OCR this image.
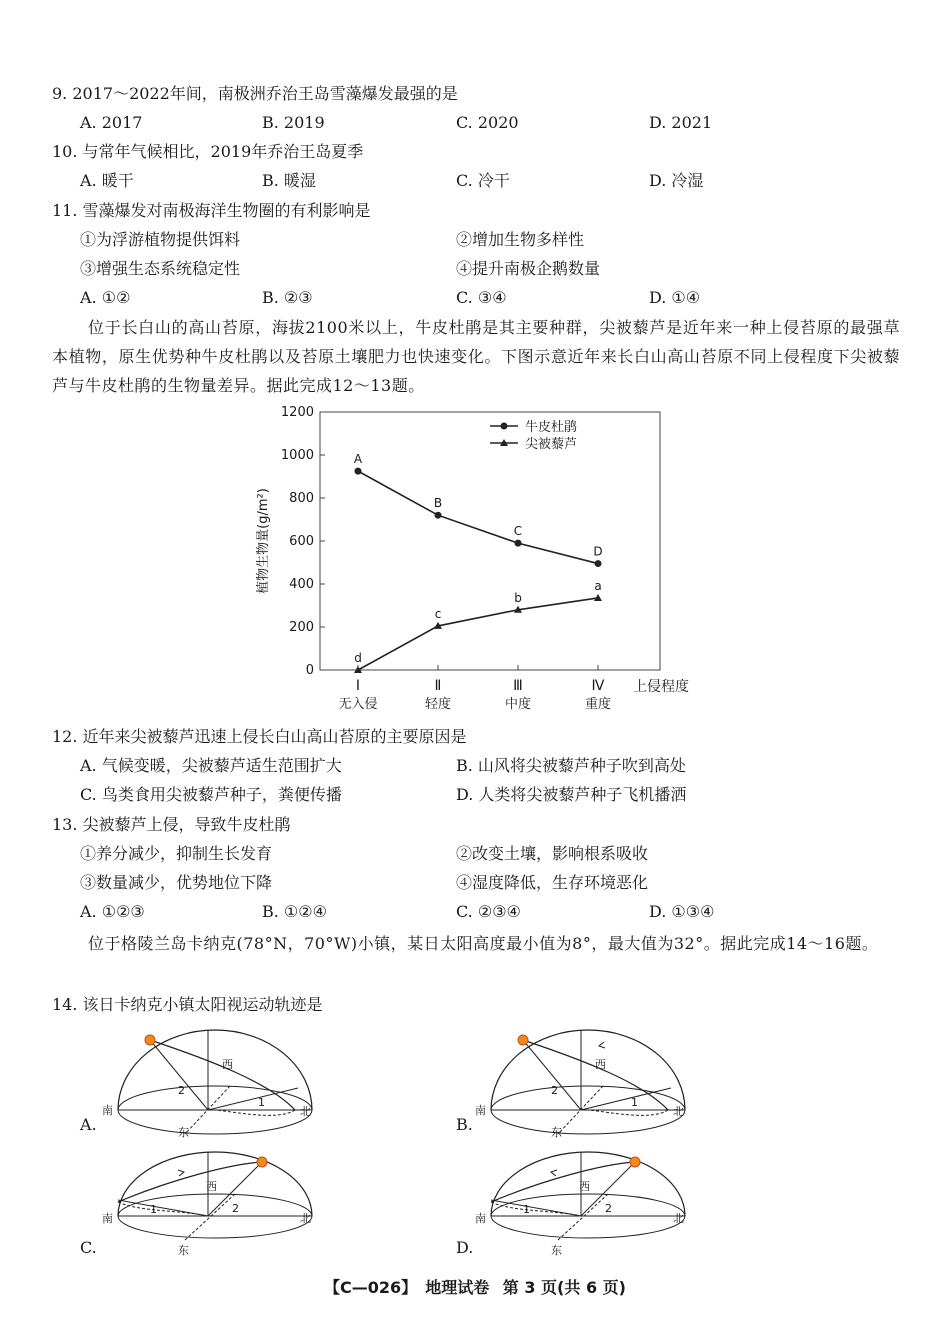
9. 2017～2022年间，南极洲乔治王岛雪藻爆发最强的是
A. 2017	B. 2019	C. 2020	D. 2021
10. 与常年气候相比，2019年乔治王岛夏季
A. 暖干	B. 暖湿	C. 冷干	D. 冷湿
11. 雪藻爆发对南极海洋生物圈的有利影响是
①为浮游植物提供饵料	②增加生物多样性
③增强生态系统稳定性	④提升南极企鹅数量
A. ①②	B. ②③	C. ③④	D. ①④
位于长白山的高山苔原，海拔2100米以上，牛皮杜鹃是其主要种群，尖被藜芦是近年来一种上侵苔原的最强草本植物，原生优势种牛皮杜鹃以及苔原土壤肥力也快速变化。下图示意近年来长白山高山苔原不同上侵程度下尖被藜芦与牛皮杜鹃的生物量差异。据此完成12～13题。
植物生物量(g/m²)
上侵程度
0
200
400
600
800
1000
1200
Ⅰ
无入侵
Ⅱ
轻度
Ⅲ
中度
Ⅳ
重度
A
B
C
D
d
c
b
a
牛皮杜鹃
尖被藜芦
12. 近年来尖被藜芦迅速上侵长白山高山苔原的主要原因是
A. 气候变暖，尖被藜芦适生范围扩大	B. 山风将尖被藜芦种子吹到高处
C. 鸟类食用尖被藜芦种子，粪便传播	D. 人类将尖被藜芦种子飞机播洒
13. 尖被藜芦上侵，导致牛皮杜鹃
①养分减少，抑制生长发育	②改变土壤，影响根系吸收
③数量减少，优势地位下降	④湿度降低，生存环境恶化
A. ①②③	B. ①②④	C. ②③④	D. ①③④
位于格陵兰岛卡纳克(78°N，70°W)小镇，某日太阳高度最小值为8°，最大值为32°。据此完成14～16题。
14. 该日卡纳克小镇太阳视运动轨迹是
2
1
西
南	北
东
A.
2
1
西
南	北
东
B.
1	2
西
南	北
东
C.
1	2
西
南	北
东
D.
【C—026】 地理试卷 第 3 页(共 6 页)
